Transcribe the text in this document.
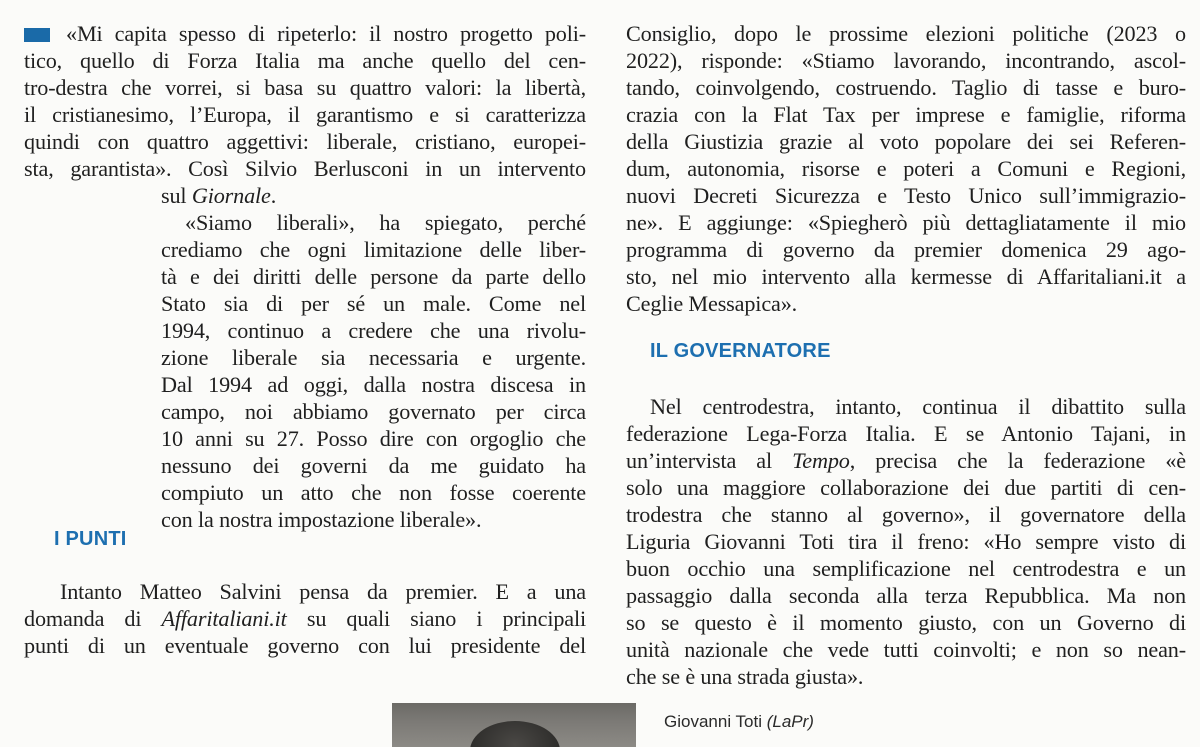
«Mi capita spesso di ripeterlo: il nostro progetto poli-

tico, quello di Forza Italia ma anche quello del cen-

tro-destra che vorrei, si basa su quattro valori: la libertà,

il cristianesimo, l’Europa, il garantismo e si caratterizza

quindi con quattro aggettivi: liberale, cristiano, europei-

sta, garantista». Così Silvio Berlusconi in un intervento

sul Giornale.

«Siamo liberali», ha spiegato, perché

crediamo che ogni limitazione delle liber-

tà e dei diritti delle persone da parte dello

Stato sia di per sé un male. Come nel

1994, continuo a credere che una rivolu-

zione liberale sia necessaria e urgente.

Dal 1994 ad oggi, dalla nostra discesa in

campo, noi abbiamo governato per circa

10 anni su 27. Posso dire con orgoglio che

nessuno dei governi da me guidato ha

compiuto un atto che non fosse coerente

con la nostra impostazione liberale».

I PUNTI

Intanto Matteo Salvini pensa da premier. E a una

domanda di Affaritaliani.it su quali siano i principali

punti di un eventuale governo con lui presidente del

Consiglio, dopo le prossime elezioni politiche (2023 o

2022), risponde: «Stiamo lavorando, incontrando, ascol-

tando, coinvolgendo, costruendo. Taglio di tasse e buro-

crazia con la Flat Tax per imprese e famiglie, riforma

della Giustizia grazie al voto popolare dei sei Referen-

dum, autonomia, risorse e poteri a Comuni e Regioni,

nuovi Decreti Sicurezza e Testo Unico sull’immigrazio-

ne». E aggiunge: «Spiegherò più dettagliatamente il mio

programma di governo da premier domenica 29 ago-

sto, nel mio intervento alla kermesse di Affaritaliani.it a

Ceglie Messapica».

IL GOVERNATORE

Nel centrodestra, intanto, continua il dibattito sulla

federazione Lega-Forza Italia. E se Antonio Tajani, in

un’intervista al Tempo, precisa che la federazione «è

solo una maggiore collaborazione dei due partiti di cen-

trodestra che stanno al governo», il governatore della

Liguria Giovanni Toti tira il freno: «Ho sempre visto di

buon occhio una semplificazione nel centrodestra e un

passaggio dalla seconda alla terza Repubblica. Ma non

so se questo è il momento giusto, con un Governo di

unità nazionale che vede tutti coinvolti; e non so nean-

che se è una strada giusta».

Giovanni Toti (LaPr)
